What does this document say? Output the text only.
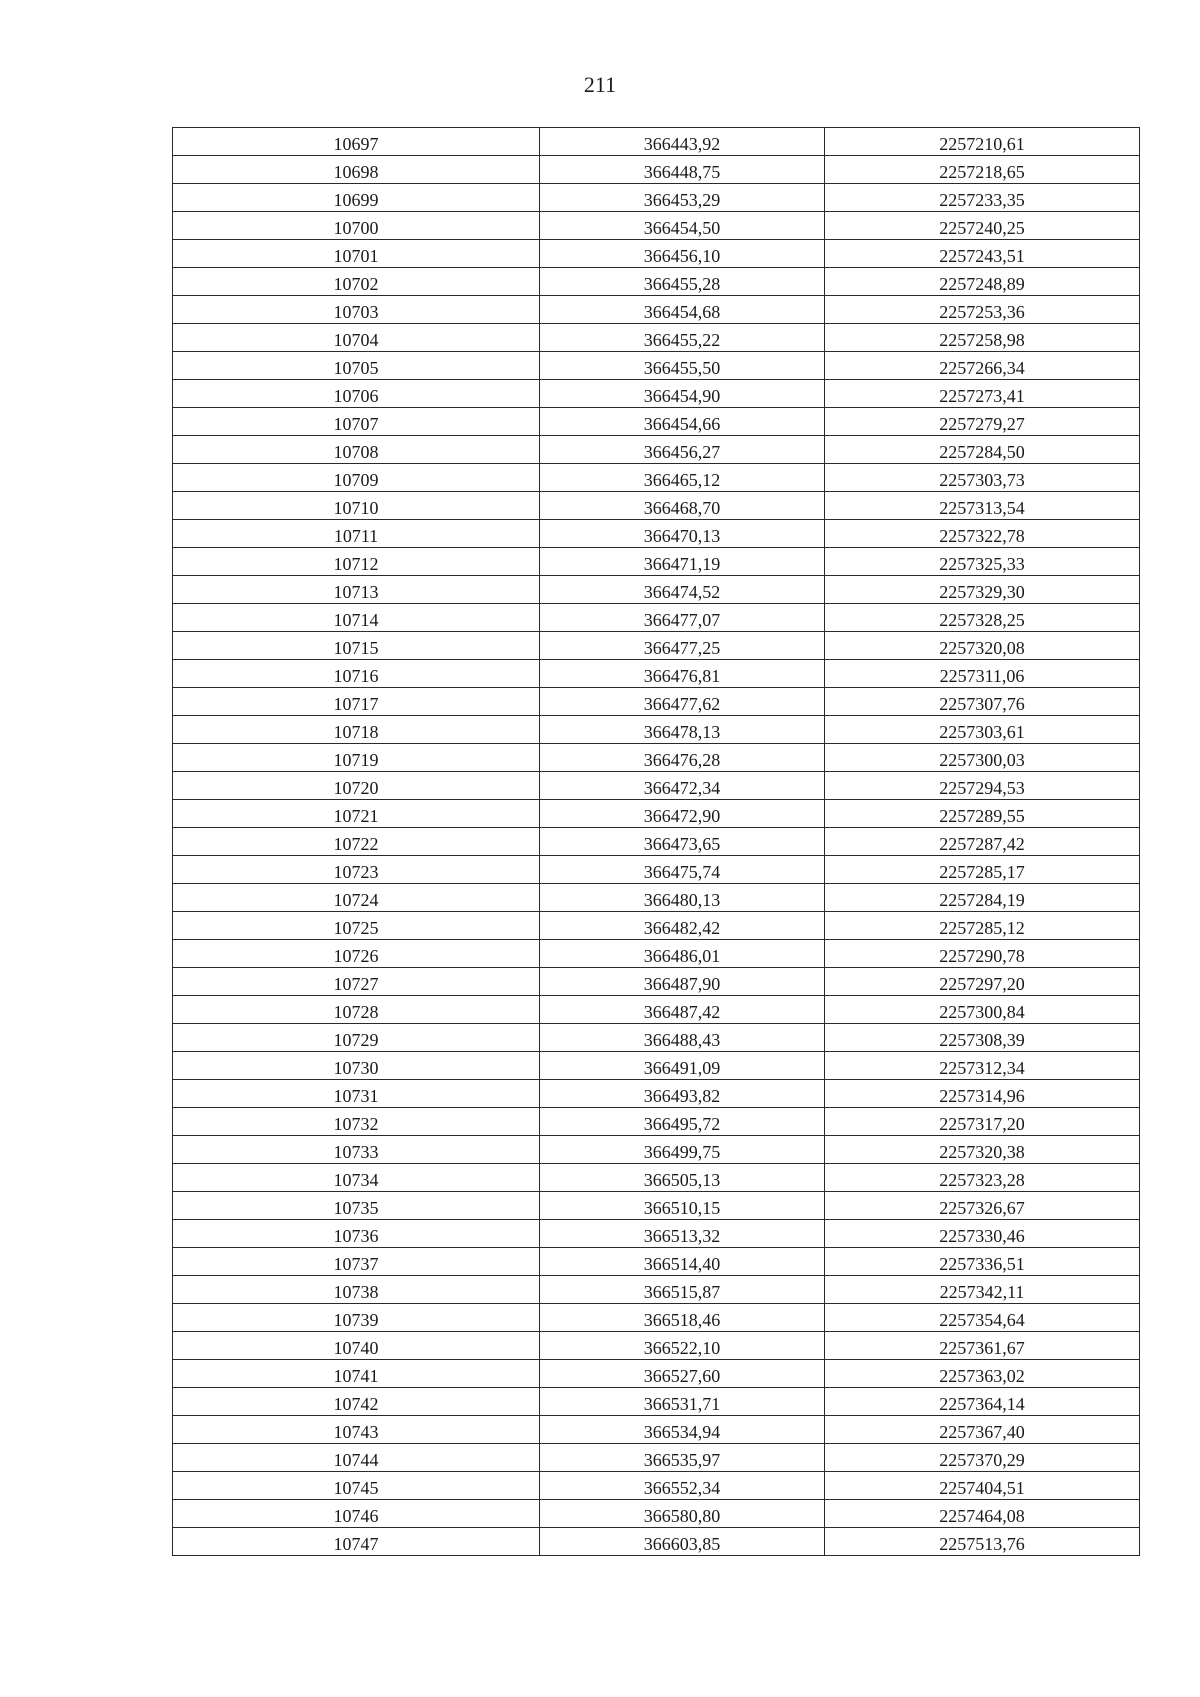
211
10697	366443,92	2257210,61
10698	366448,75	2257218,65
10699	366453,29	2257233,35
10700	366454,50	2257240,25
10701	366456,10	2257243,51
10702	366455,28	2257248,89
10703	366454,68	2257253,36
10704	366455,22	2257258,98
10705	366455,50	2257266,34
10706	366454,90	2257273,41
10707	366454,66	2257279,27
10708	366456,27	2257284,50
10709	366465,12	2257303,73
10710	366468,70	2257313,54
10711	366470,13	2257322,78
10712	366471,19	2257325,33
10713	366474,52	2257329,30
10714	366477,07	2257328,25
10715	366477,25	2257320,08
10716	366476,81	2257311,06
10717	366477,62	2257307,76
10718	366478,13	2257303,61
10719	366476,28	2257300,03
10720	366472,34	2257294,53
10721	366472,90	2257289,55
10722	366473,65	2257287,42
10723	366475,74	2257285,17
10724	366480,13	2257284,19
10725	366482,42	2257285,12
10726	366486,01	2257290,78
10727	366487,90	2257297,20
10728	366487,42	2257300,84
10729	366488,43	2257308,39
10730	366491,09	2257312,34
10731	366493,82	2257314,96
10732	366495,72	2257317,20
10733	366499,75	2257320,38
10734	366505,13	2257323,28
10735	366510,15	2257326,67
10736	366513,32	2257330,46
10737	366514,40	2257336,51
10738	366515,87	2257342,11
10739	366518,46	2257354,64
10740	366522,10	2257361,67
10741	366527,60	2257363,02
10742	366531,71	2257364,14
10743	366534,94	2257367,40
10744	366535,97	2257370,29
10745	366552,34	2257404,51
10746	366580,80	2257464,08
10747	366603,85	2257513,76
